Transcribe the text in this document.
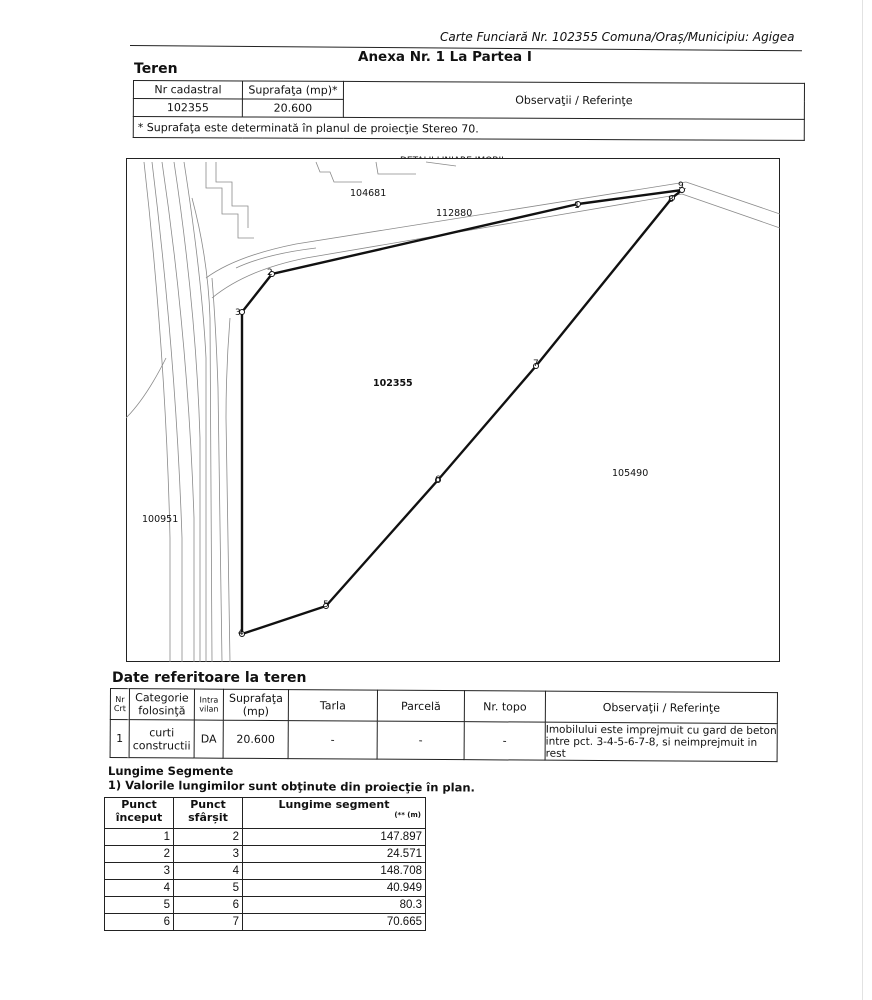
Carte Funciară Nr. 102355 Comuna/Oraș/Municipiu: Agigea
Anexa Nr. 1 La Partea I
Teren
Nr cadastral	Suprafaţa (mp)*	Observaţii / Referinţe
102355	20.600	
* Suprafaţa este determinată în planul de proiecţie Stereo 70.		
1
2
3
4
5
6
7
8
9
102355
104681
112880
105490
100951
Date referitoare la teren
Nr Crt	Categorie folosinţă	Intra vilan	Suprafaţa (mp)	Tarla	Parcelă	Nr. topo	Observaţii / Referinţe
1	curti constructii	DA	20.600	-	-	-	Imobilului este imprejmuit cu gard de beton intre pct. 3-4-5-6-7-8, si neimprejmuit in rest
Lungime Segmente
1) Valorile lungimilor sunt obţinute din proiecţie în plan.
Punct început	Punct sfârșit	Lungime segment
(** (m)

1	2	147.897
2	3	24.571
3	4	148.708
4	5	40.949
5	6	80.3
6	7	70.665
